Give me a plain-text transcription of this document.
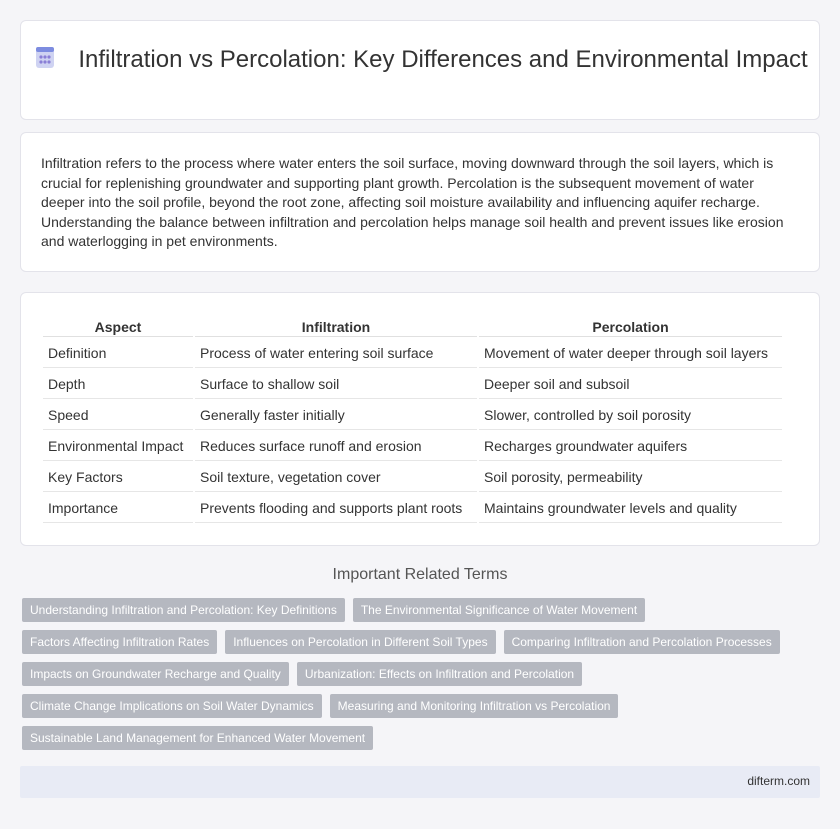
Infiltration vs Percolation: Key Differences and Environmental Impact

Infiltration refers to the process where water enters the soil surface, moving downward through the soil layers, which is crucial for replenishing groundwater and supporting plant growth. Percolation is the subsequent movement of water deeper into the soil profile, beyond the root zone, affecting soil moisture availability and influencing aquifer recharge. Understanding the balance between infiltration and percolation helps manage soil health and prevent issues like erosion and waterlogging in pet environments.

Aspect	Infiltration	Percolation
Definition	Process of water entering soil surface	Movement of water deeper through soil layers
Depth	Surface to shallow soil	Deeper soil and subsoil
Speed	Generally faster initially	Slower, controlled by soil porosity
Environmental Impact	Reduces surface runoff and erosion	Recharges groundwater aquifers
Key Factors	Soil texture, vegetation cover	Soil porosity, permeability
Importance	Prevents flooding and supports plant roots	Maintains groundwater levels and quality
Important Related Terms
Understanding Infiltration and Percolation: Key Definitions	The Environmental Significance of Water Movement
Factors Affecting Infiltration Rates	Influences on Percolation in Different Soil Types	Comparing Infiltration and Percolation Processes
Impacts on Groundwater Recharge and Quality	Urbanization: Effects on Infiltration and Percolation
Climate Change Implications on Soil Water Dynamics	Measuring and Monitoring Infiltration vs Percolation
Sustainable Land Management for Enhanced Water Movement
difterm.com
